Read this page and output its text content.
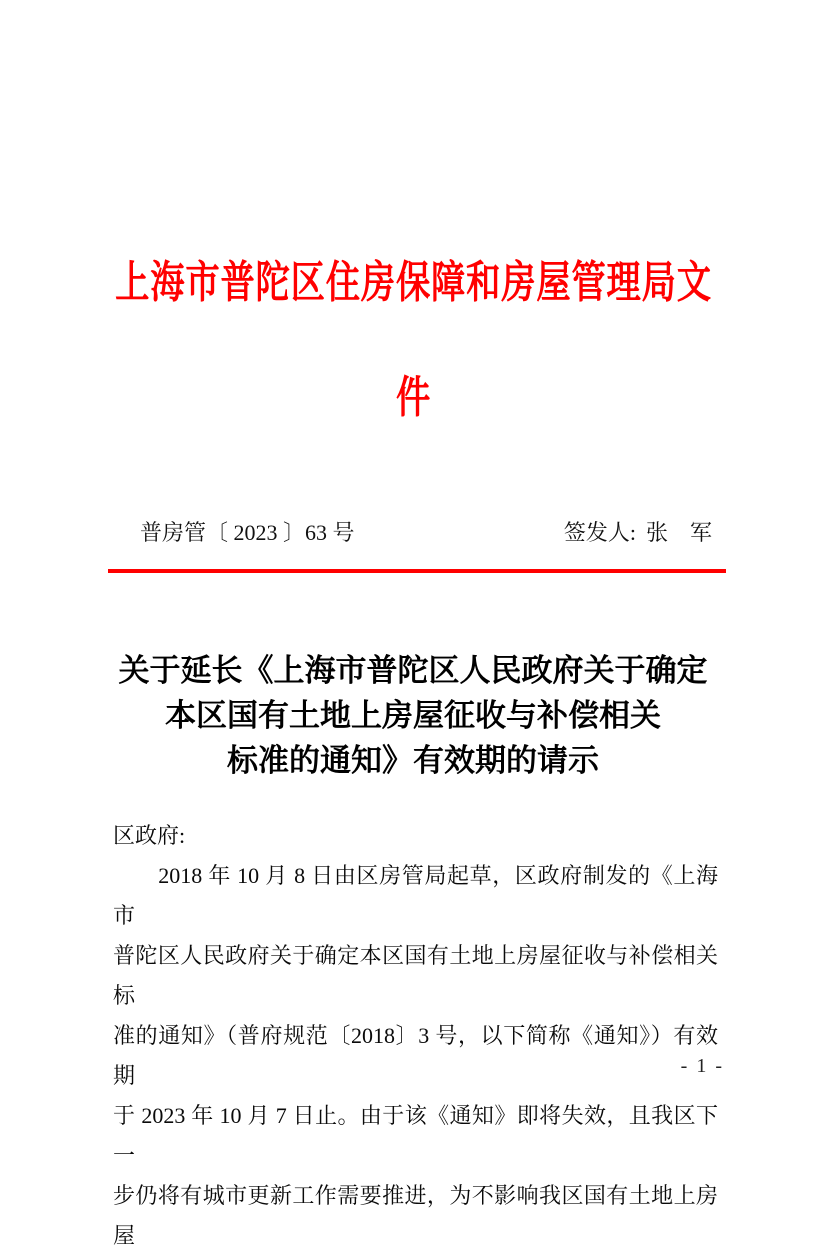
上海市普陀区住房保障和房屋管理局文
件
普房管〔 2023 〕63 号	签发人: 张　军
关于延长《上海市普陀区人民政府关于确定
本区国有土地上房屋征收与补偿相关
标准的通知》有效期的请示
区政府:
　　2018 年 10 月 8 日由区房管局起草，区政府制发的《上海市
普陀区人民政府关于确定本区国有土地上房屋征收与补偿相关标
准的通知》（普府规范〔2018〕3 号，以下简称《通知》）有效期
于 2023 年 10 月 7 日止。由于该《通知》即将失效，且我区下一
步仍将有城市更新工作需要推进，为不影响我区国有土地上房屋
- 1 -
